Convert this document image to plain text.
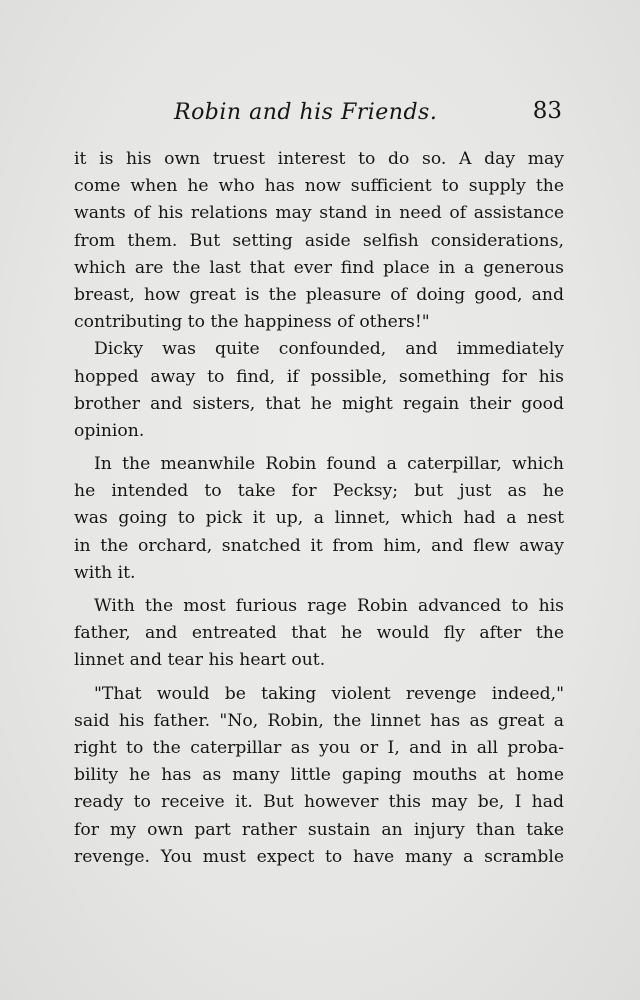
Robin and his Friends.	83
it is his own truest interest to do so. A day may
come when he who has now sufficient to supply the
wants of his relations may stand in need of assistance
from them. But setting aside selfish considerations,
which are the last that ever find place in a generous
breast, how great is the pleasure of doing good, and
contributing to the happiness of others!"
Dicky was quite confounded, and immediately
hopped away to find, if possible, something for his
brother and sisters, that he might regain their good
opinion.
In the meanwhile Robin found a caterpillar, which
he intended to take for Pecksy; but just as he
was going to pick it up, a linnet, which had a nest
in the orchard, snatched it from him, and flew away
with it.
With the most furious rage Robin advanced to his
father, and entreated that he would fly after the
linnet and tear his heart out.
"That would be taking violent revenge indeed,"
said his father. "No, Robin, the linnet has as great a
right to the caterpillar as you or I, and in all proba-
bility he has as many little gaping mouths at home
ready to receive it. But however this may be, I had
for my own part rather sustain an injury than take
revenge. You must expect to have many a scramble
